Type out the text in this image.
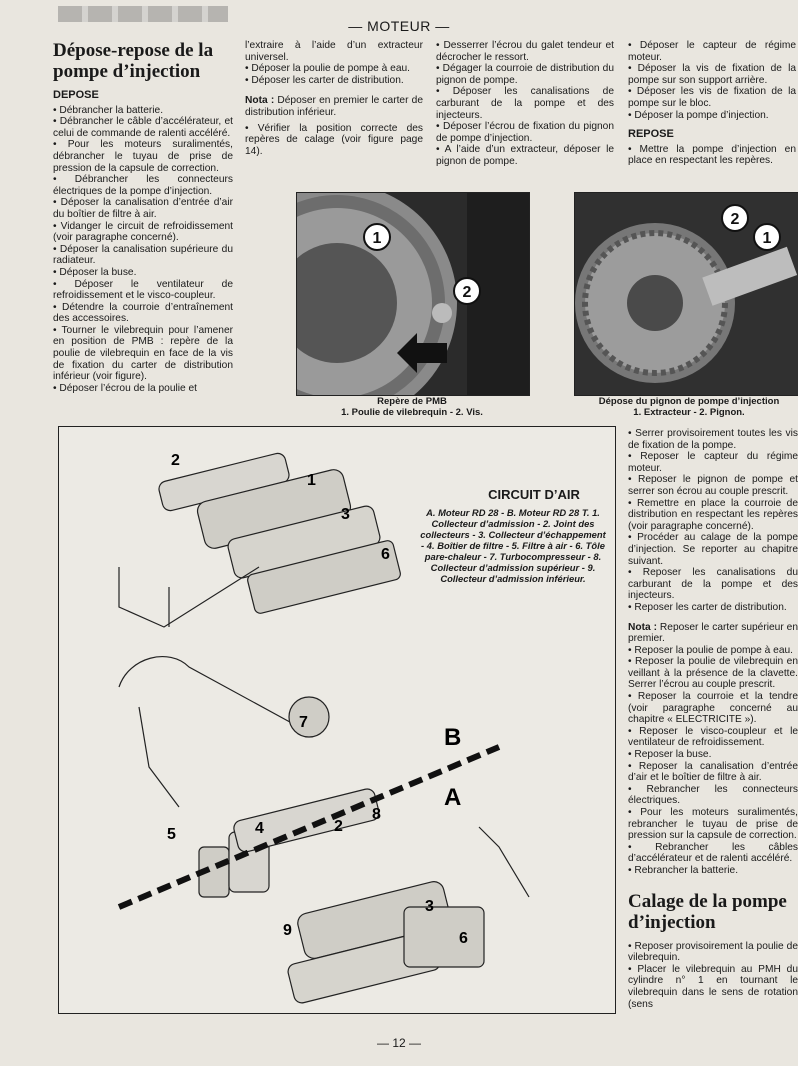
— MOTEUR —
Dépose-repose de la pompe d’injection
DEPOSE

• Débrancher la batterie.

• Débrancher le câble d’accélérateur, et celui de commande de ralenti accéléré.

• Pour les moteurs suralimentés, débrancher le tuyau de prise de pression de la capsule de correction.

• Débrancher les connecteurs électriques de la pompe d’injection.

• Déposer la canalisation d’entrée d’air du boîtier de filtre à air.

• Vidanger le circuit de refroidissement (voir paragraphe concerné).

• Déposer la canalisation supérieure du radiateur.

• Déposer la buse.

• Déposer le ventilateur de refroidissement et le visco-coupleur.

• Détendre la courroie d’entraînement des accessoires.

• Tourner le vilebrequin pour l’amener en position de PMB : repère de la poulie de vilebrequin en face de la vis de fixation du carter de distribution inférieur (voir figure).

• Déposer l’écrou de la poulie et

l’extraire à l’aide d’un extracteur universel.

• Déposer la poulie de pompe à eau.

• Déposer les carter de distribution.

Nota : Déposer en premier le carter de distribution inférieur.

• Vérifier la position correcte des repères de calage (voir figure page 14).

• Desserrer l’écrou du galet tendeur et décrocher le ressort.

• Dégager la courroie de distribution du pignon de pompe.

• Déposer les canalisations de carburant de la pompe et des injecteurs.

• Déposer l’écrou de fixation du pignon de pompe d’injection.

• A l’aide d’un extracteur, déposer le pignon de pompe.

• Déposer le capteur de régime moteur.

• Déposer la vis de fixation de la pompe sur son support arrière.

• Déposer les vis de fixation de la pompe sur le bloc.

• Déposer la pompe d’injection.

REPOSE

• Mettre la pompe d’injection en place en respectant les repères.

1
2
Repère de PMB
1. Poulie de vilebrequin - 2. Vis.
2
1
Dépose du pignon de pompe d’injection
1. Extracteur - 2. Pignon.
B
A
2
1
3
6
7
5	4	2
8
3
9	6
CIRCUIT D’AIR
A. Moteur RD 28 - B. Moteur RD 28 T. 1. Collecteur d’admission - 2. Joint des collecteurs - 3. Collecteur d’échappement - 4. Boîtier de filtre - 5. Filtre à air - 6. Tôle pare-chaleur - 7. Turbocompresseur - 8. Collecteur d’admission supérieur - 9. Collecteur d’admission inférieur.

• Serrer provisoirement toutes les vis de fixation de la pompe.

• Reposer le capteur du régime moteur.

• Reposer le pignon de pompe et serrer son écrou au couple prescrit.

• Remettre en place la courroie de distribution en respectant les repères (voir paragraphe concerné).

• Procéder au calage de la pompe d’injection. Se reporter au chapitre suivant.

• Reposer les canalisations du carburant de la pompe et des injecteurs.

• Reposer les carter de distribution.

Nota : Reposer le carter supérieur en premier.

• Reposer la poulie de pompe à eau.

• Reposer la poulie de vilebrequin en veillant à la présence de la clavette. Serrer l’écrou au couple prescrit.

• Reposer la courroie et la tendre (voir paragraphe concerné au chapitre « ELECTRICITE »).

• Reposer le visco-coupleur et le ventilateur de refroidissement.

• Reposer la buse.

• Reposer la canalisation d’entrée d’air et le boîtier de filtre à air.

• Rebrancher les connecteurs électriques.

• Pour les moteurs suralimentés, rebrancher le tuyau de prise de pression sur la capsule de correction.

• Rebrancher les câbles d’accélérateur et de ralenti accéléré.

• Rebrancher la batterie.

Calage de la pompe d’injection

• Reposer provisoirement la poulie de vilebrequin.

• Placer le vilebrequin au PMH du cylindre n° 1 en tournant le vilebrequin dans le sens de rotation (sens

— 12 —
